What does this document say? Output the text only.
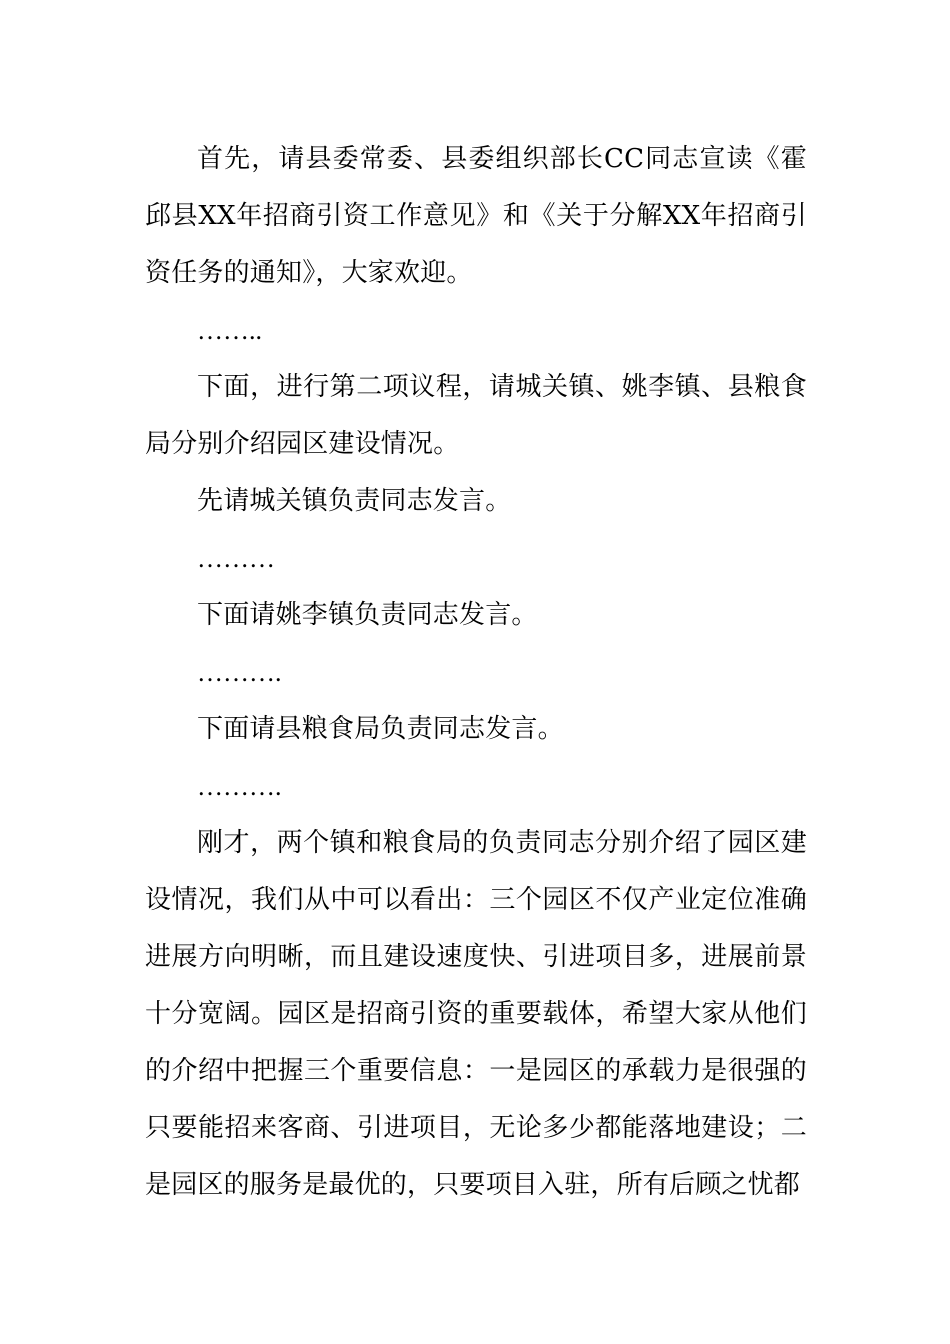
首先，请县委常委、县委组织部长CC同志宣读《霍邱县XX年招商引资工作意见》和《关于分解XX年招商引资任务的通知》，大家欢迎。

……..

下面，进行第二项议程，请城关镇、姚李镇、县粮食局分别介绍园区建设情况。

先请城关镇负责同志发言。

………

下面请姚李镇负责同志发言。

……….

下面请县粮食局负责同志发言。

……….

刚才，两个镇和粮食局的负责同志分别介绍了园区建设情况，我们从中可以看出：三个园区不仅产业定位准确进展方向明晰，而且建设速度快、引进项目多，进展前景十分宽阔。园区是招商引资的重要载体，希望大家从他们的介绍中把握三个重要信息：一是园区的承载力是很强的只要能招来客商、引进项目，无论多少都能落地建设；二是园区的服务是最优的，只要项目入驻，所有后顾之忧都
